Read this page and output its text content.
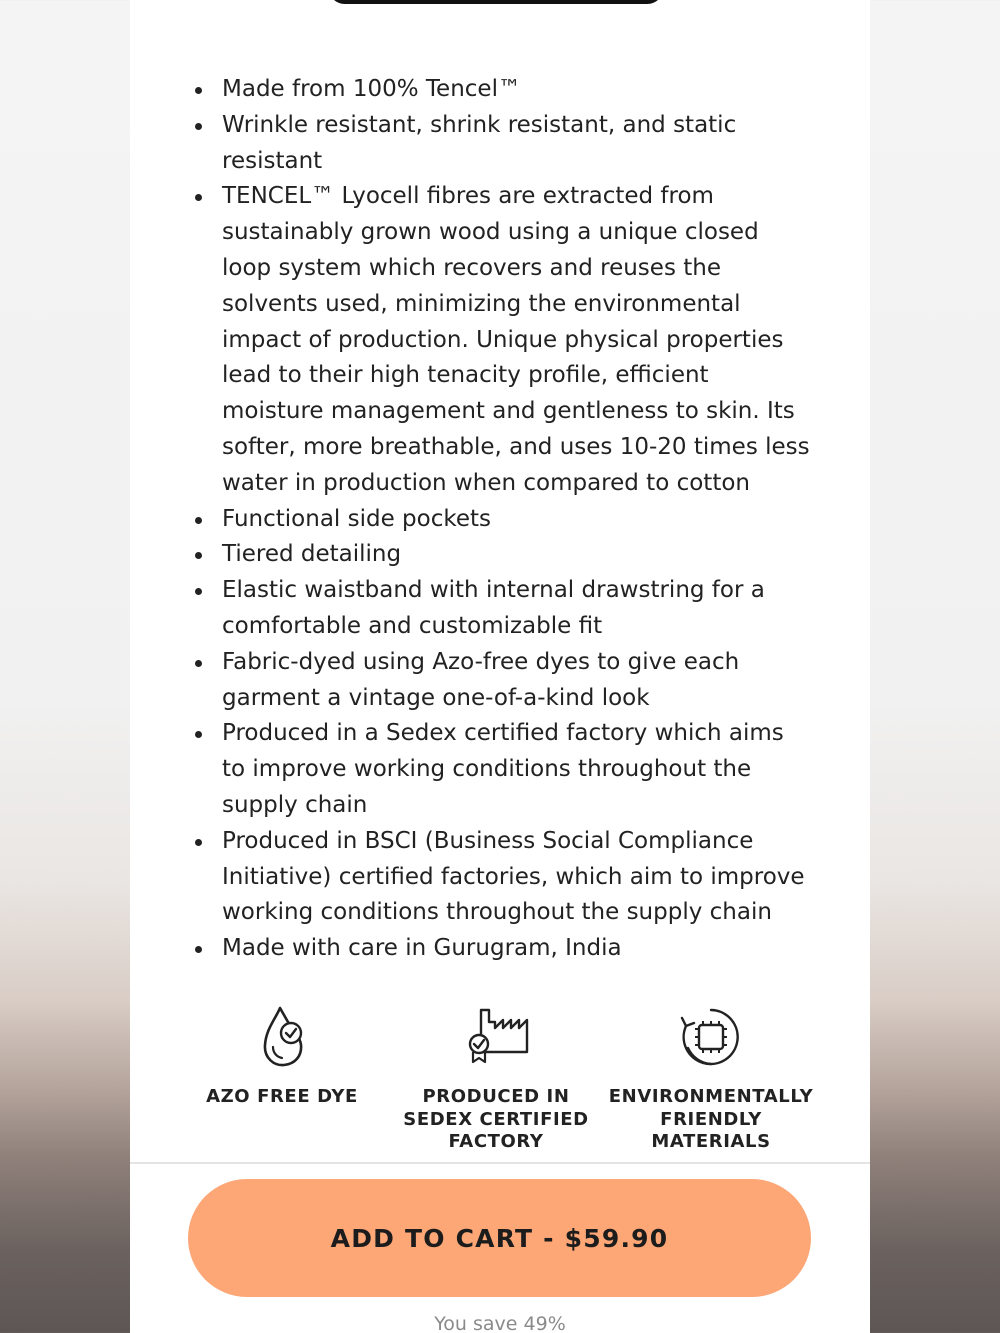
Made from 100% Tencel™
Wrinkle resistant, shrink resistant, and static resistant
TENCEL™ Lyocell fibres are extracted from sustainably grown wood using a unique closed loop system which recovers and reuses the solvents used, minimizing the environmental impact of production. Unique physical properties lead to their high tenacity profile, efficient moisture management and gentleness to skin. Its softer, more breathable, and uses 10-20 times less water in production when compared to cotton
Functional side pockets
Tiered detailing
Elastic waistband with internal drawstring for a comfortable and customizable fit
Fabric-dyed using Azo-free dyes to give each garment a vintage one-of-a-kind look
Produced in a Sedex certified factory which aims to improve working conditions throughout the supply chain
Produced in BSCI (Business Social Compliance Initiative) certified factories, which aim to improve working conditions throughout the supply chain
Made with care in Gurugram, India
AZO FREE DYE	PRODUCED IN SEDEX CERTIFIED FACTORY
ENVIRONMENTALLY FRIENDLY MATERIALS
ADD TO CART - $59.90
You save 49%
